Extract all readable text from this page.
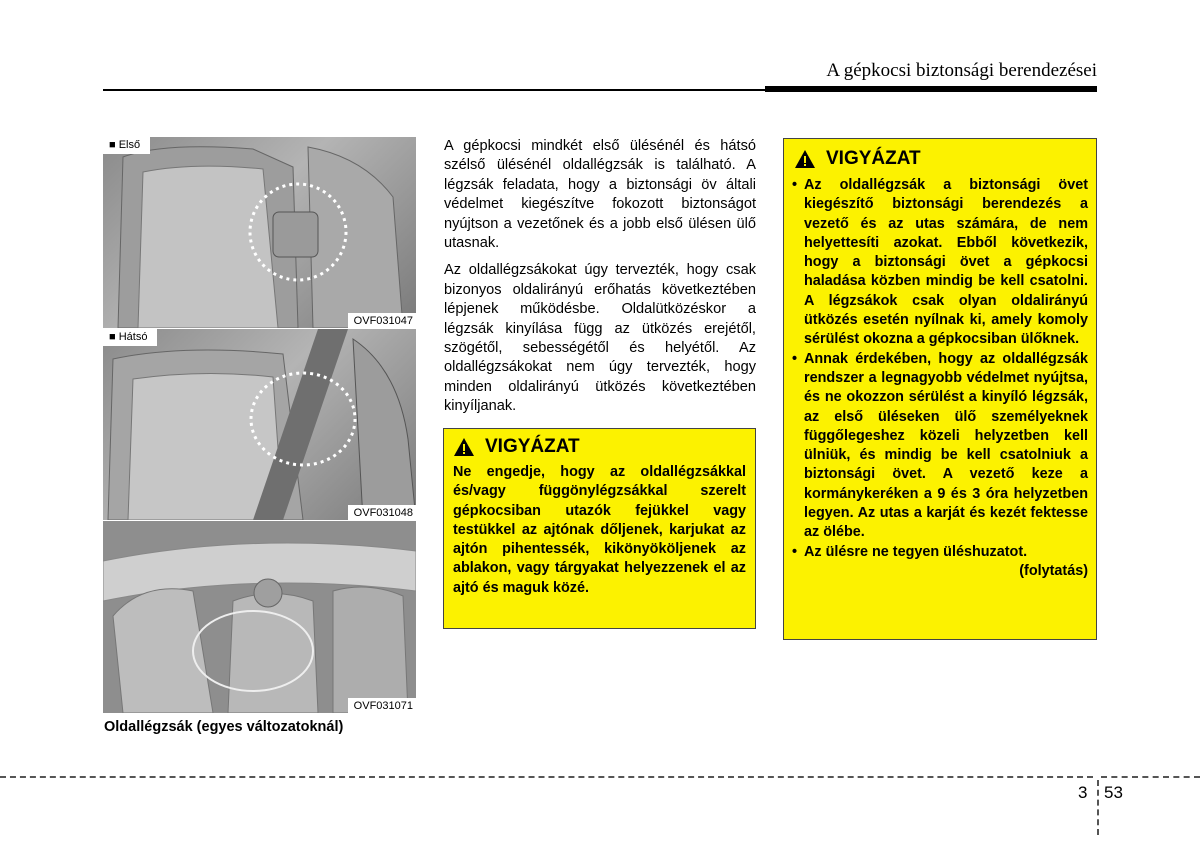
A gépkocsi biztonsági berendezései
■ Első
OVF031047
■ Hátsó
OVF031048
OVF031071
Oldallégzsák (egyes változatoknál)

A gépkocsi mindkét első ülésénél és hátsó szélső ülésénél oldallégzsák is található. A légzsák feladata, hogy a biztonsági öv általi védelmet kiegészítve fokozott biztonságot nyújtson a vezetőnek és a jobb első ülésen ülő utasnak.

Az oldallégzsákokat úgy tervezték, hogy csak bizonyos oldalirányú erőhatás következtében lépjenek működésbe. Oldalütközéskor a légzsák kinyílása függ az ütközés erejétől, szögétől, sebességétől és helyétől. Az oldallégzsákokat nem úgy tervezték, hogy minden oldalirányú ütközés következtében kinyíljanak.

VIGYÁZAT
Ne engedje, hogy az oldallégzsákkal és/vagy függönylégzsákkal szerelt gépkocsiban utazók fejükkel vagy testükkel az ajtónak dőljenek, karjukat az ajtón pihentessék, kikönyököljenek az ablakon, vagy tárgyakat helyezzenek el az ajtó és maguk közé.
VIGYÁZAT
• Az oldallégzsák a biztonsági övet kiegészítő biztonsági berendezés a vezető és az utas számára, de nem helyettesíti azokat. Ebből következik, hogy a biztonsági övet a gépkocsi haladása közben mindig be kell csatolni. A légzsákok csak olyan oldalirányú ütközés esetén nyílnak ki, amely komoly sérülést okozna a gépkocsiban ülőknek.
• Annak érdekében, hogy az oldallégzsák rendszer a legnagyobb védelmet nyújtsa, és ne okozzon sérülést a kinyíló légzsák, az első üléseken ülő személyeknek függőlegeshez közeli helyzetben kell ülniük, és mindig be kell csatolniuk a biztonsági övet. A vezető keze a kormánykeréken a 9 és 3 óra helyzetben legyen. Az utas a karját és kezét fektesse az ölébe.
• Az ülésre ne tegyen üléshuzatot.
(folytatás)
3 53
